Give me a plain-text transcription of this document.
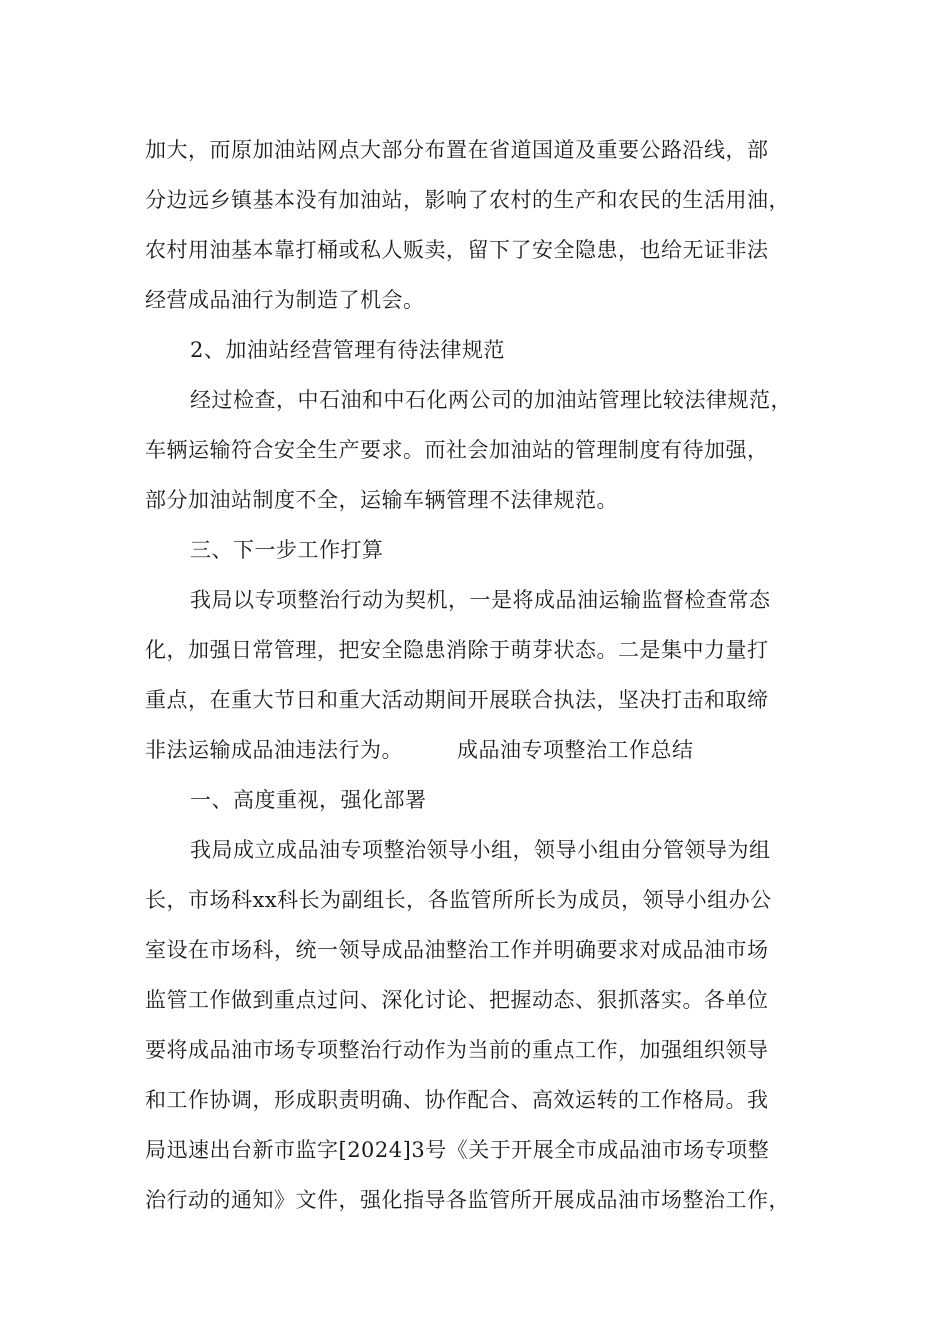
加大，而原加油站网点大部分布置在省道国道及重要公路沿线，部
分边远乡镇基本没有加油站，影响了农村的生产和农民的生活用油，
农村用油基本靠打桶或私人贩卖，留下了安全隐患，也给无证非法
经营成品油行为制造了机会。
2、加油站经营管理有待法律规范
经过检查，中石油和中石化两公司的加油站管理比较法律规范，
车辆运输符合安全生产要求。而社会加油站的管理制度有待加强，
部分加油站制度不全，运输车辆管理不法律规范。
三、下一步工作打算
我局以专项整治行动为契机，一是将成品油运输监督检查常态
化，加强日常管理，把安全隐患消除于萌芽状态。二是集中力量打
重点，在重大节日和重大活动期间开展联合执法，坚决打击和取缔
非法运输成品油违法行为。　　　成品油专项整治工作总结
一、高度重视，强化部署
我局成立成品油专项整治领导小组，领导小组由分管领导为组
长，市场科xx科长为副组长，各监管所所长为成员，领导小组办公
室设在市场科，统一领导成品油整治工作并明确要求对成品油市场
监管工作做到重点过问、深化讨论、把握动态、狠抓落实。各单位
要将成品油市场专项整治行动作为当前的重点工作，加强组织领导
和工作协调，形成职责明确、协作配合、高效运转的工作格局。我
局迅速出台新市监字[2024]3号《关于开展全市成品油市场专项整
治行动的通知》文件，强化指导各监管所开展成品油市场整治工作，
